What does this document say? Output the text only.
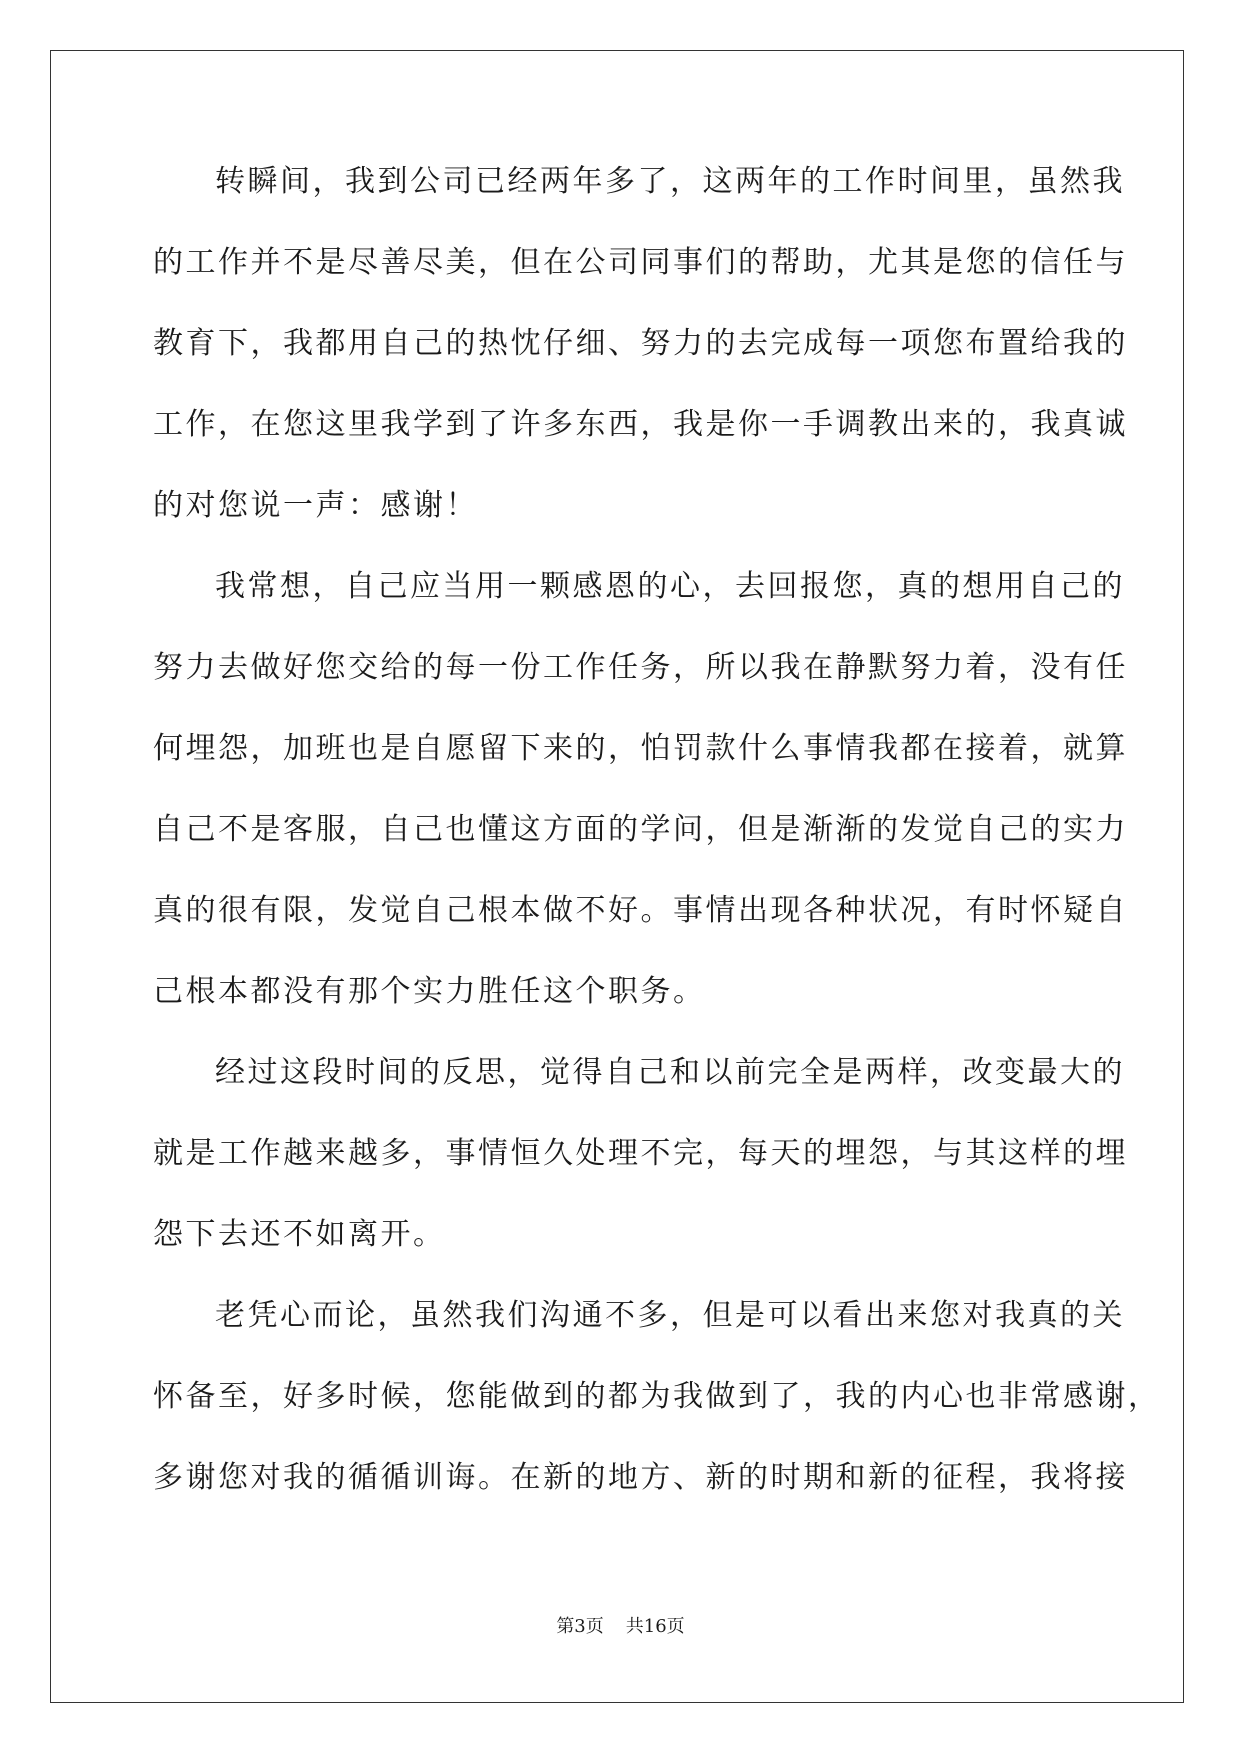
转瞬间，我到公司已经两年多了，这两年的工作时间里，虽然我
的工作并不是尽善尽美，但在公司同事们的帮助，尤其是您的信任与
教育下，我都用自己的热忱仔细、努力的去完成每一项您布置给我的
工作，在您这里我学到了许多东西，我是你一手调教出来的，我真诚
的对您说一声：感谢！
我常想，自己应当用一颗感恩的心，去回报您，真的想用自己的
努力去做好您交给的每一份工作任务，所以我在静默努力着，没有任
何埋怨，加班也是自愿留下来的，怕罚款什么事情我都在接着，就算
自己不是客服，自己也懂这方面的学问，但是渐渐的发觉自己的实力
真的很有限，发觉自己根本做不好。事情出现各种状况，有时怀疑自
己根本都没有那个实力胜任这个职务。
经过这段时间的反思，觉得自己和以前完全是两样，改变最大的
就是工作越来越多，事情恒久处理不完，每天的埋怨，与其这样的埋
怨下去还不如离开。
老凭心而论，虽然我们沟通不多，但是可以看出来您对我真的关
怀备至，好多时候，您能做到的都为我做到了，我的内心也非常感谢，
多谢您对我的循循训诲。在新的地方、新的时期和新的征程，我将接
第3页 共16页
